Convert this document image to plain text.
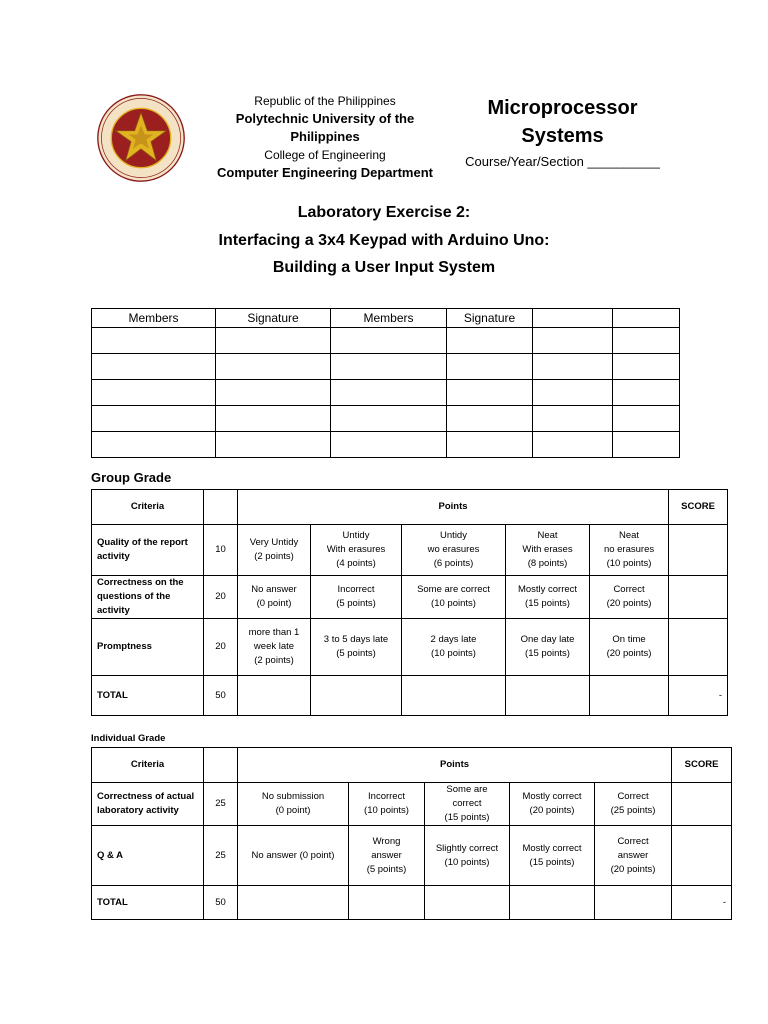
Republic of the Philippines
Polytechnic University of the Philippines
College of Engineering
Computer Engineering Department
Microprocessor
Systems
Course/Year/Section __________
Laboratory Exercise 2:
Interfacing a 3x4 Keypad with Arduino Uno:
Building a User Input System
Members	Signature	Members	Signature		

Group Grade
Criteria		Points					SCORE
Quality of the report activity	10	Very Untidy
(2 points)	Untidy
With erasures
(4 points)	Untidy
wo erasures
(6 points)	Neat
With erases
(8 points)	Neat
no erasures
(10 points)	
Correctness on the questions of the activity	20	No answer
(0 point)	Incorrect
(5 points)	Some are correct
(10 points)	Mostly correct
(15 points)	Correct
(20 points)	
Promptness	20	more than 1
week late
(2 points)	3 to 5 days late
(5 points)	2 days late
(10 points)	One day late
(15 points)	On time
(20 points)	
TOTAL	50						-
Individual Grade
Criteria		Points					SCORE
Correctness of actual laboratory activity	25	No submission
(0 point)	Incorrect
(10 points)	Some are
correct
(15 points)	Mostly correct
(20 points)	Correct
(25 points)	
Q & A	25	No answer (0 point)	Wrong
answer
(5 points)	Slightly correct
(10 points)	Mostly correct
(15 points)	Correct
answer
(20 points)	
TOTAL	50						-
